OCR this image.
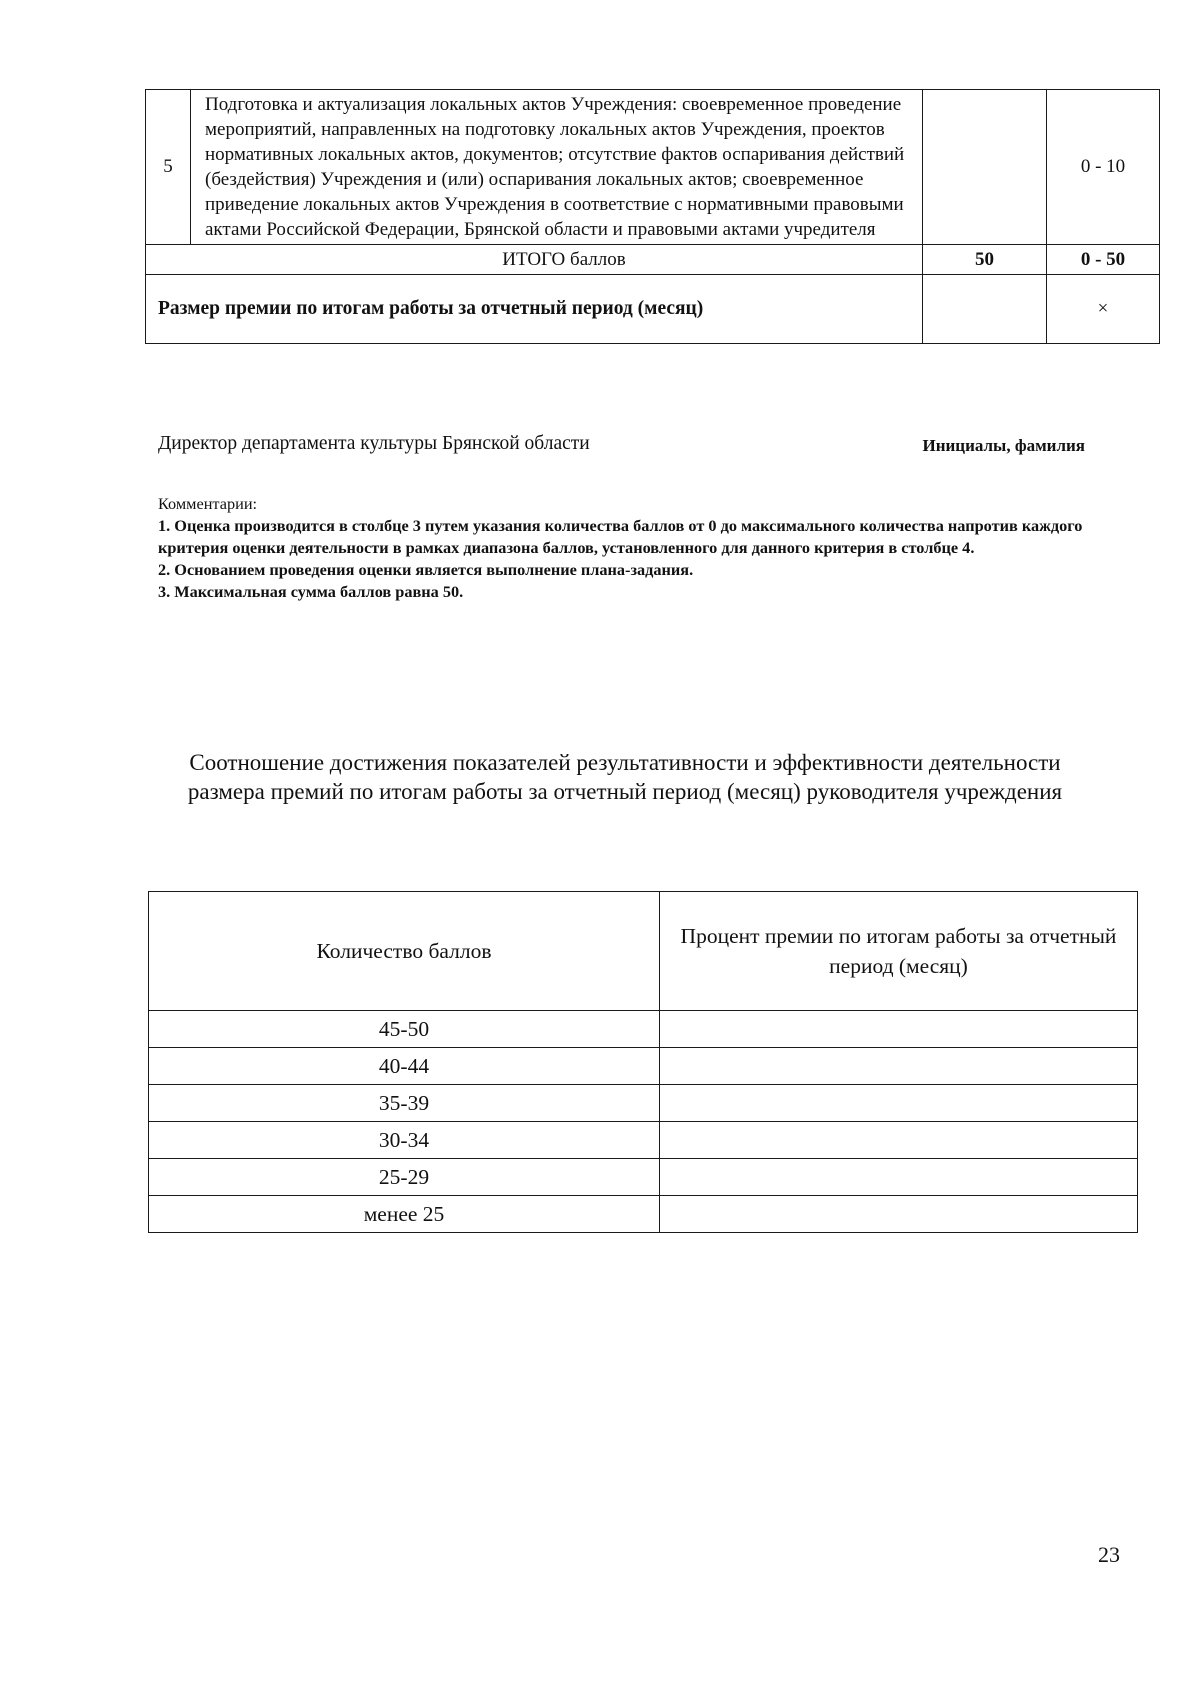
5	Подготовка и актуализация локальных актов Учреждения: своевременное проведение мероприятий, направленных на подготовку локальных актов Учреждения, проектов нормативных локальных актов, документов; отсутствие фактов оспаривания действий (бездействия) Учреждения и (или) оспаривания локальных актов; своевременное приведение локальных актов Учреждения в соответствие с нормативными правовыми актами Российской Федерации, Брянской области и правовыми актами учредителя		0 - 10
ИТОГО баллов		50	0 - 50
Размер премии по итогам работы за отчетный период (месяц)			×
Директор департамента культуры Брянской области	Инициалы, фамилия
Комментарии:
1. Оценка производится в столбце 3 путем указания количества баллов от 0 до максимального количества напротив каждого критерия оценки деятельности в рамках диапазона баллов, установленного для данного критерия в столбце 4.
2. Основанием проведения оценки является выполнение плана-задания.
3. Максимальная сумма баллов равна 50.
Соотношение достижения показателей результативности и эффективности деятельности
размера премий по итогам работы за отчетный период (месяц) руководителя учреждения
Количество баллов	Процент премии по итогам работы за отчетный период (месяц)
45-50	
40-44	
35-39	
30-34	
25-29	
менее 25	
23
